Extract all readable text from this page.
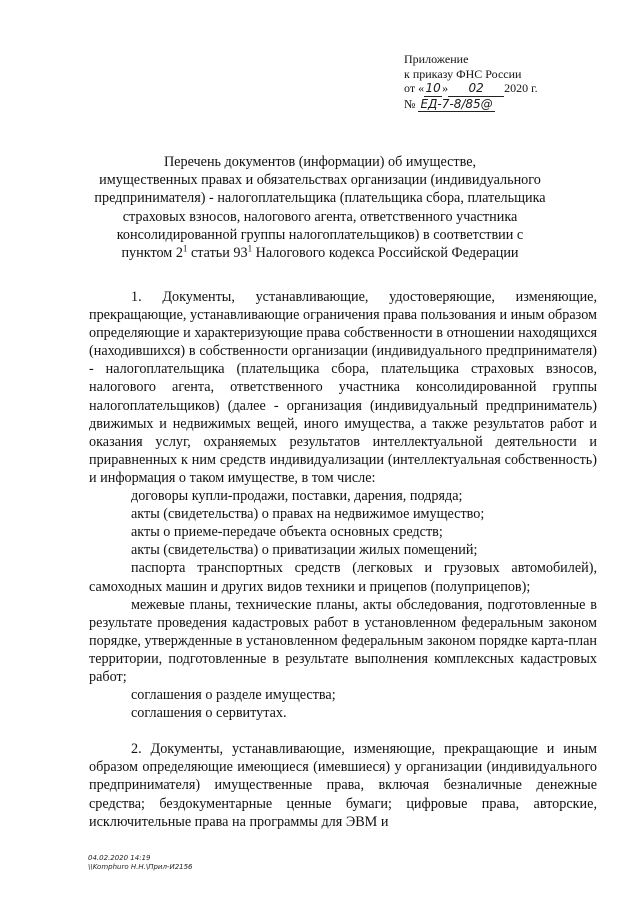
Приложение
к приказу ФНС России
от «10» 02 2020 г.
№ ЕД-7-8/85@
Перечень документов (информации) об имуществе,
имущественных правах и обязательствах организации (индивидуального
предпринимателя) - налогоплательщика (плательщика сбора, плательщика
страховых взносов, налогового агента, ответственного участника
консолидированной группы налогоплательщиков) в соответствии с
пунктом $2^1$ статьи $93^1$ Налогового кодекса Российской Федерации

1. Документы, устанавливающие, удостоверяющие, изменяющие, прекращающие, устанавливающие ограничения права пользования и иным образом определяющие и характеризующие права собственности в отношении находящихся (находившихся) в собственности организации (индивидуального предпринимателя) - налогоплательщика (плательщика сбора, плательщика страховых взносов, налогового агента, ответственного участника консолидированной группы налогоплательщиков) (далее - организация (индивидуальный предприниматель) движимых и недвижимых вещей, иного имущества, а также результатов работ и оказания услуг, охраняемых результатов интеллектуальной деятельности и приравненных к ним средств индивидуализации (интеллектуальная собственность) и информация о таком имуществе, в том числе:

договоры купли-продажи, поставки, дарения, подряда;

акты (свидетельства) о правах на недвижимое имущество;

акты о приеме-передаче объекта основных средств;

акты (свидетельства) о приватизации жилых помещений;

паспорта транспортных средств (легковых и грузовых автомобилей), самоходных машин и других видов техники и прицепов (полуприцепов);

межевые планы, технические планы, акты обследования, подготовленные в результате проведения кадастровых работ в установленном федеральным законом порядке, утвержденные в установленном федеральным законом порядке карта-план территории, подготовленные в результате выполнения комплексных кадастровых работ;

соглашения о разделе имущества;

соглашения о сервитутах.

2. Документы, устанавливающие, изменяющие, прекращающие и иным образом определяющие имеющиеся (имевшиеся) у организации (индивидуального предпринимателя) имущественные права, включая безналичные денежные средства; бездокументарные ценные бумаги; цифровые права, авторские, исключительные права на программы для ЭВМ и

04.02.2020 14:19
\\Komphuro Н.Н.\Прил-И2156
